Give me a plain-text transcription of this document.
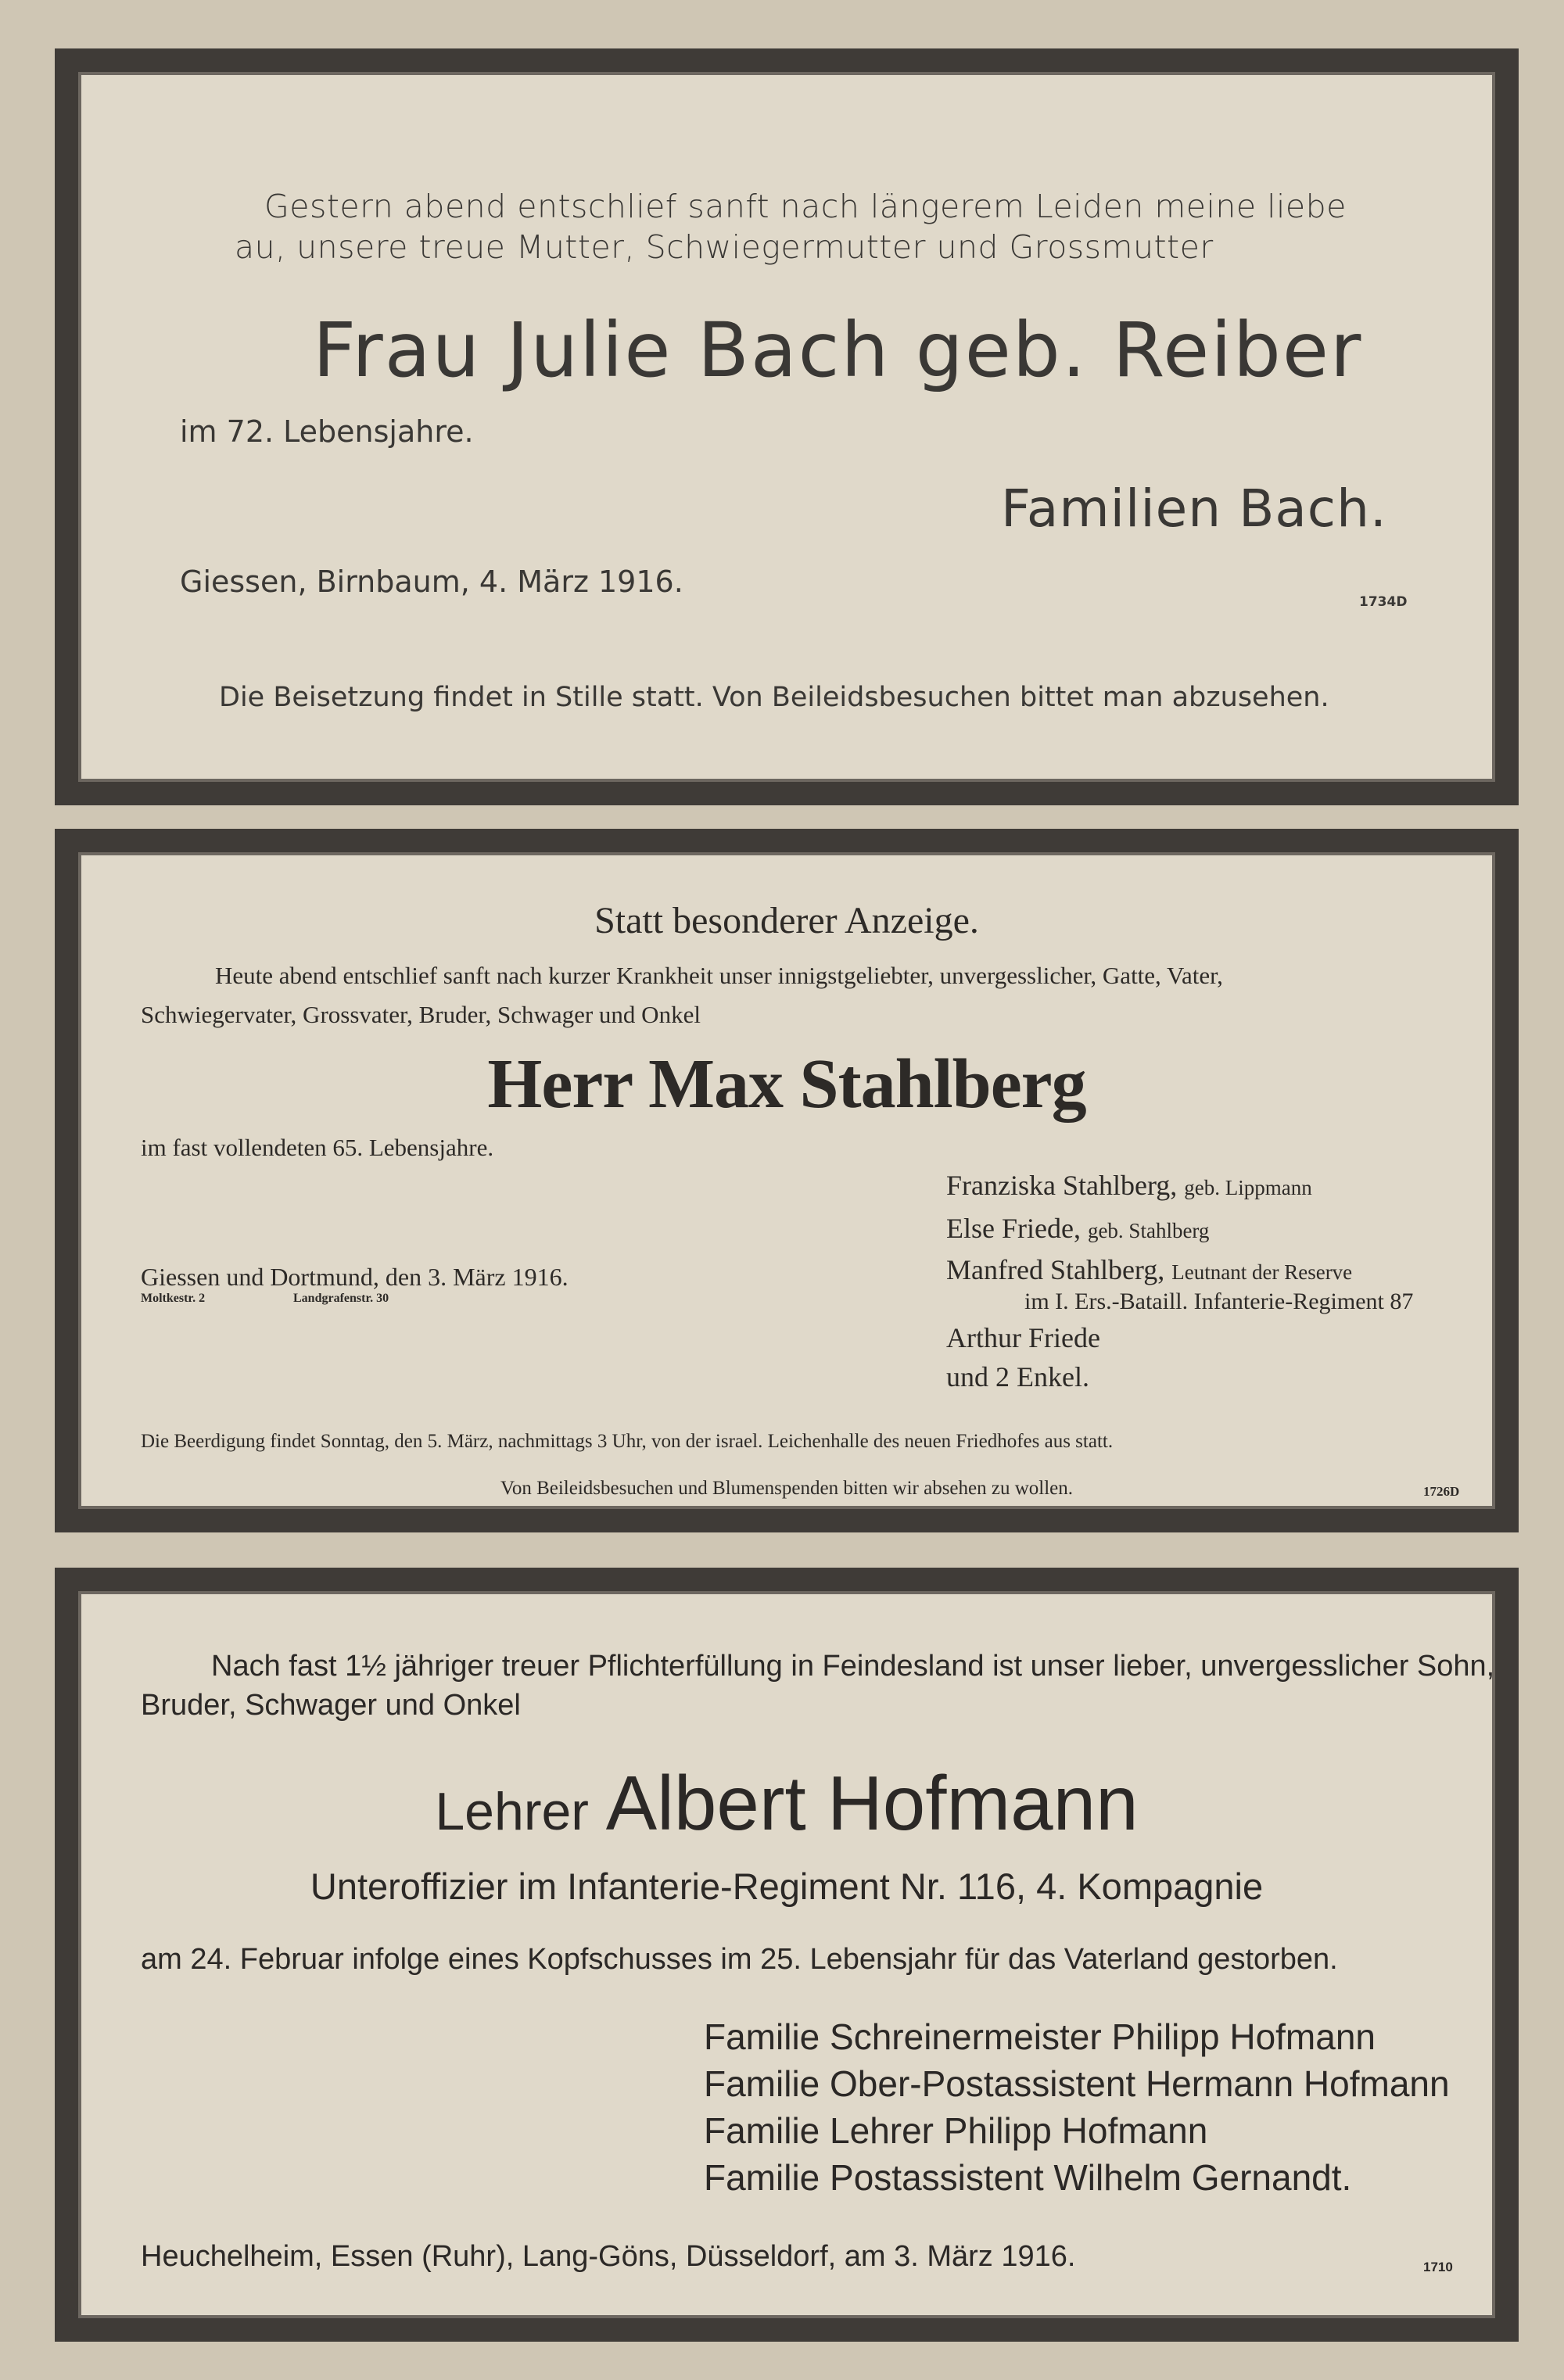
Gestern abend entschlief sanft nach längerem Leiden meine liebe
au, unsere treue Mutter, Schwiegermutter und Grossmutter
Frau Julie Bach geb. Reiber
im 72. Lebensjahre.
Familien Bach.
Giessen, Birnbaum, 4. März 1916.
1734D
Die Beisetzung findet in Stille statt. Von Beileidsbesuchen bittet man abzusehen.
Statt besonderer Anzeige.
Heute abend entschlief sanft nach kurzer Krankheit unser innigstgeliebter, unvergesslicher, Gatte, Vater,
Schwiegervater, Grossvater, Bruder, Schwager und Onkel
Herr Max Stahlberg
im fast vollendeten 65. Lebensjahre.
Franziska Stahlberg, geb. Lippmann
Else Friede, geb. Stahlberg
Manfred Stahlberg, Leutnant der Reserve
im I. Ers.-Bataill. Infanterie-Regiment 87
Arthur Friede
und 2 Enkel.
Giessen und Dortmund, den 3. März 1916.
Moltkestr. 2	Landgrafenstr. 30
Die Beerdigung findet Sonntag, den 5. März, nachmittags 3 Uhr, von der israel. Leichenhalle des neuen Friedhofes aus statt.
Von Beileidsbesuchen und Blumenspenden bitten wir absehen zu wollen.	1726D
Nach fast 1½ jähriger treuer Pflichterfüllung in Feindesland ist unser lieber, unvergesslicher Sohn,
Bruder, Schwager und Onkel
Lehrer Albert Hofmann
Unteroffizier im Infanterie-Regiment Nr. 116, 4. Kompagnie
am 24. Februar infolge eines Kopfschusses im 25. Lebensjahr für das Vaterland gestorben.
Familie Schreinermeister Philipp Hofmann
Familie Ober-Postassistent Hermann Hofmann
Familie Lehrer Philipp Hofmann
Familie Postassistent Wilhelm Gernandt.
Heuchelheim, Essen (Ruhr), Lang-Göns, Düsseldorf, am 3. März 1916.	1710
